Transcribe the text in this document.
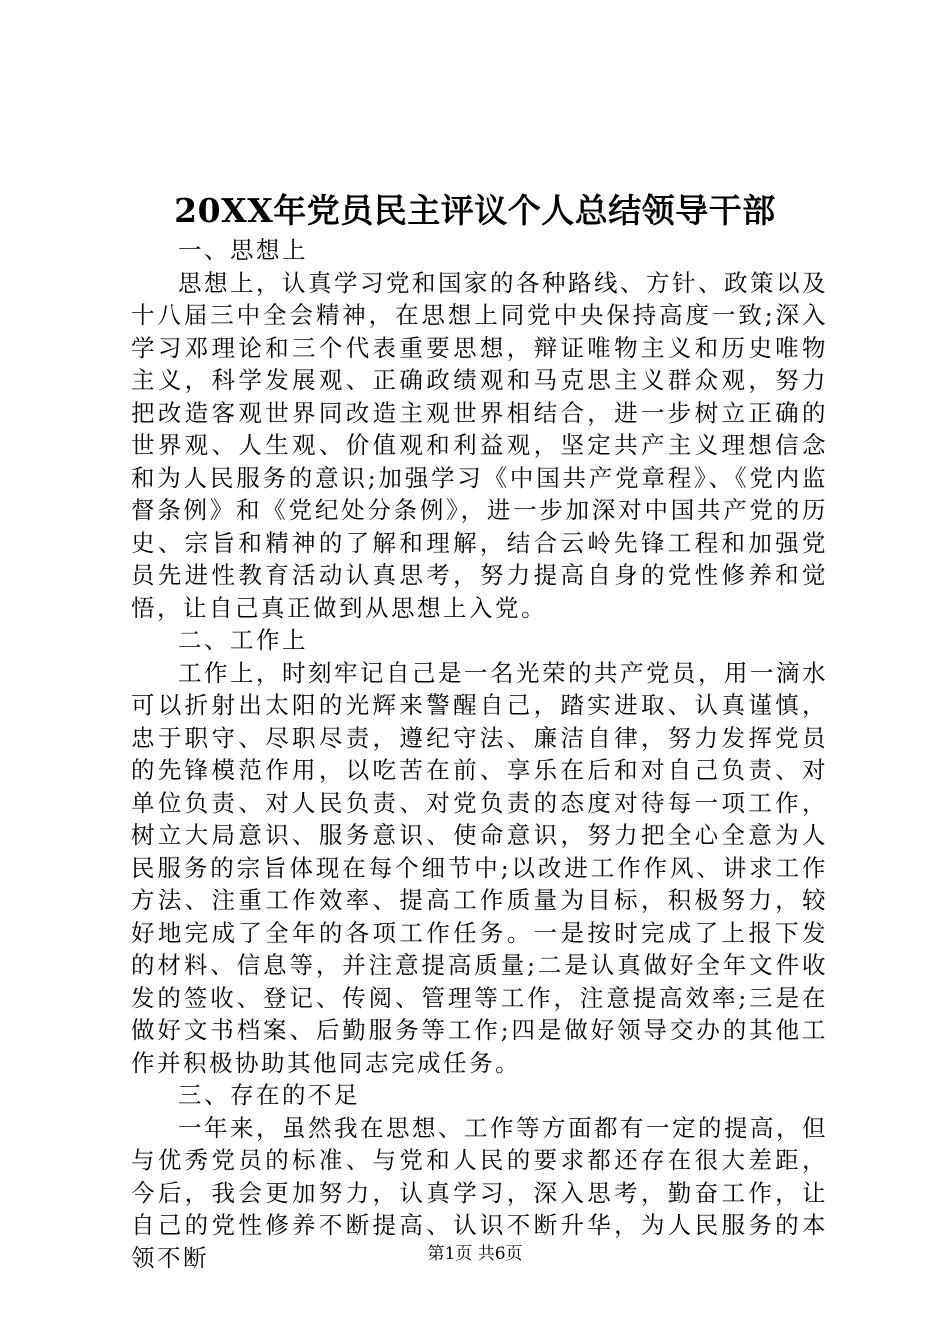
20XX年党员民主评议个人总结领导干部

一、思想上

思想上，认真学习党和国家的各种路线、方针、政策以及十八届三中全会精神，在思想上同党中央保持高度一致;深入学习邓理论和三个代表重要思想，辩证唯物主义和历史唯物主义，科学发展观、正确政绩观和马克思主义群众观，努力把改造客观世界同改造主观世界相结合，进一步树立正确的世界观、人生观、价值观和利益观，坚定共产主义理想信念和为人民服务的意识;加强学习《中国共产党章程》、《党内监督条例》和《党纪处分条例》，进一步加深对中国共产党的历史、宗旨和精神的了解和理解，结合云岭先锋工程和加强党员先进性教育活动认真思考，努力提高自身的党性修养和觉悟，让自己真正做到从思想上入党。

二、工作上

工作上，时刻牢记自己是一名光荣的共产党员，用一滴水可以折射出太阳的光辉来警醒自己，踏实进取、认真谨慎，忠于职守、尽职尽责，遵纪守法、廉洁自律，努力发挥党员的先锋模范作用，以吃苦在前、享乐在后和对自己负责、对单位负责、对人民负责、对党负责的态度对待每一项工作，树立大局意识、服务意识、使命意识，努力把全心全意为人民服务的宗旨体现在每个细节中;以改进工作作风、讲求工作方法、注重工作效率、提高工作质量为目标，积极努力，较好地完成了全年的各项工作任务。一是按时完成了上报下发的材料、信息等，并注意提高质量;二是认真做好全年文件收发的签收、登记、传阅、管理等工作，注意提高效率;三是在做好文书档案、后勤服务等工作;四是做好领导交办的其他工作并积极协助其他同志完成任务。

三、存在的不足

一年来，虽然我在思想、工作等方面都有一定的提高，但与优秀党员的标准、与党和人民的要求都还存在很大差距，今后，我会更加努力，认真学习，深入思考，勤奋工作，让自己的党性修养不断提高、认识不断升华，为人民服务的本领不断	第1页 共6页
